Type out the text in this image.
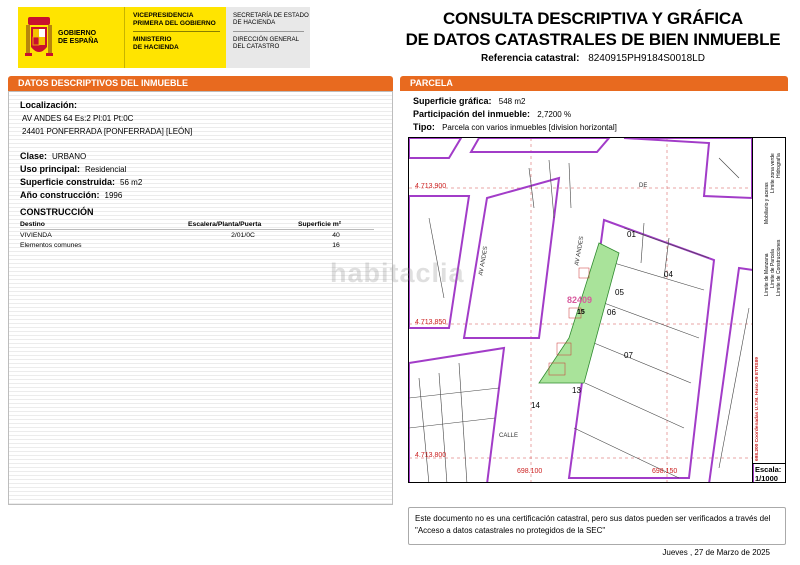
GOBIERNO
DE ESPAÑA
VICEPRESIDENCIA
PRIMERA DEL GOBIERNO
MINISTERIO
DE HACIENDA
SECRETARÍA DE ESTADO
DE HACIENDA
DIRECCIÓN GENERAL
DEL CATASTRO
CONSULTA DESCRIPTIVA Y GRÁFICA
DE DATOS CATASTRALES DE BIEN INMUEBLE
Referencia catastral: 8240915PH9184S0018LD
DATOS DESCRIPTIVOS DEL INMUEBLE
Localización:
AV ANDES 64 Es:2 Pl:01 Pt:0C
24401 PONFERRADA [PONFERRADA] [LEÓN]
Clase: URBANO
Uso principal: Residencial
Superficie construida: 56 m2
Año construcción: 1996
CONSTRUCCIÓN
Destino	Escalera/Planta/Puerta	Superficie m²
VIVIENDA	2/01/0C	40
Elementos comunes		16
PARCELA
Superficie gráfica: 548 m2
Participación del inmueble: 2,7200 %
Tipo: Parcela con varios inmuebles [division horizontal]
4.713.900
4.713.850
4.713.800
698.100	698.150
01
04
05
06
07
13
14
82409
15
AV ANDES
CALLE
AV ANDES
DE
698.200 Coordenadas U.T.M. Huso 29 ETRS89
Límite de Manzana Límite de Parcela Límite de Construcciones
Mobiliario y aceras
Límite zona verde Hidrografía
Escala:
1/1000
habitaclia
Este documento no es una certificación catastral, pero sus datos pueden ser verificados a través del "Acceso a datos catastrales no protegidos de la SEC"
Jueves , 27 de Marzo de 2025
